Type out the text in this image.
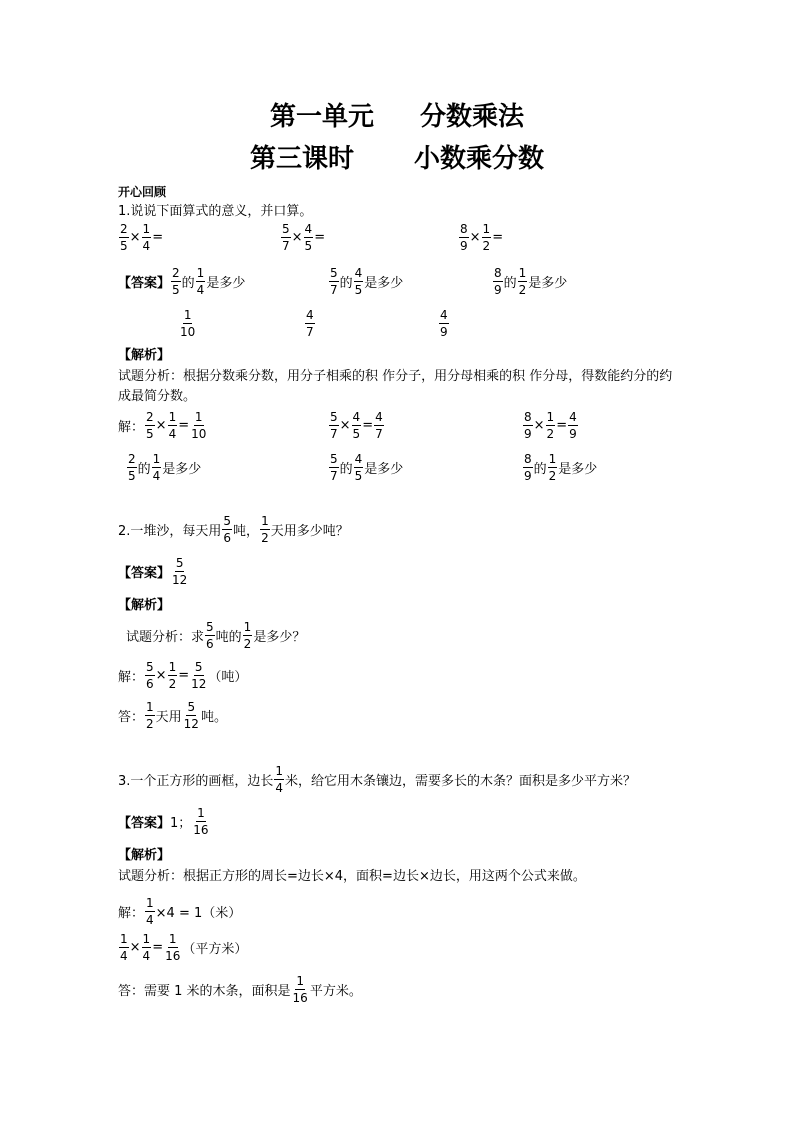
第一单元 分数乘法
第三课时 小数乘分数
开心回顾
1.说说下面算式的意义，并口算。
$\frac{2}{5} \times \frac{1}{4}$ =	$\frac{5}{7} \times \frac{4}{5}$ =	$\frac{8}{9} \times \frac{1}{2}$ =
【答案】 $\frac{2}{5}$ 的 $\frac{1}{4}$ 是多少	$\frac{5}{7}$ 的 $\frac{4}{5}$ 是多少	$\frac{8}{9}$ 的 $\frac{1}{2}$ 是多少
$\frac{1}{10}$	$\frac{4}{7}$	$\frac{4}{9}$
【解析】
试题分析：根据分数乘分数，用分子相乘的积 作分子，用分母相乘的积 作分母，得数能约分的约成最简分数。
解： $\frac{2}{5} \times \frac{1}{4} = \frac{1}{10}$	$\frac{5}{7} \times \frac{4}{5} = \frac{4}{7}$	$\frac{8}{9} \times \frac{1}{2} = \frac{4}{9}$
$\frac{2}{5}$ 的 $\frac{1}{4}$ 是多少	$\frac{5}{7}$ 的 $\frac{4}{5}$ 是多少	$\frac{8}{9}$ 的 $\frac{1}{2}$ 是多少
2.一堆沙，每天用 $\frac{5}{6}$ 吨， $\frac{1}{2}$ 天用多少吨？
【答案】 $\frac{5}{12}$
【解析】
试题分析：求 $\frac{5}{6}$ 吨的 $\frac{1}{2}$ 是多少？
解： $\frac{5}{6} \times \frac{1}{2} = \frac{5}{12}$ （吨）
答： $\frac{1}{2}$ 天用 $\frac{5}{12}$ 吨。
3.一个正方形的画框，边长 $\frac{1}{4}$ 米，给它用木条镶边，需要多长的木条？面积是多少平方米？
【答案】 1； $\frac{1}{16}$
【解析】
试题分析：根据正方形的周长=边长×4，面积=边长×边长，用这两个公式来做。
解： $\frac{1}{4} \times 4 = 1$（米）
$\frac{1}{4} \times \frac{1}{4} = \frac{1}{16}$ （平方米）
答：需要 1 米的木条，面积是 $\frac{1}{16}$ 平方米。
